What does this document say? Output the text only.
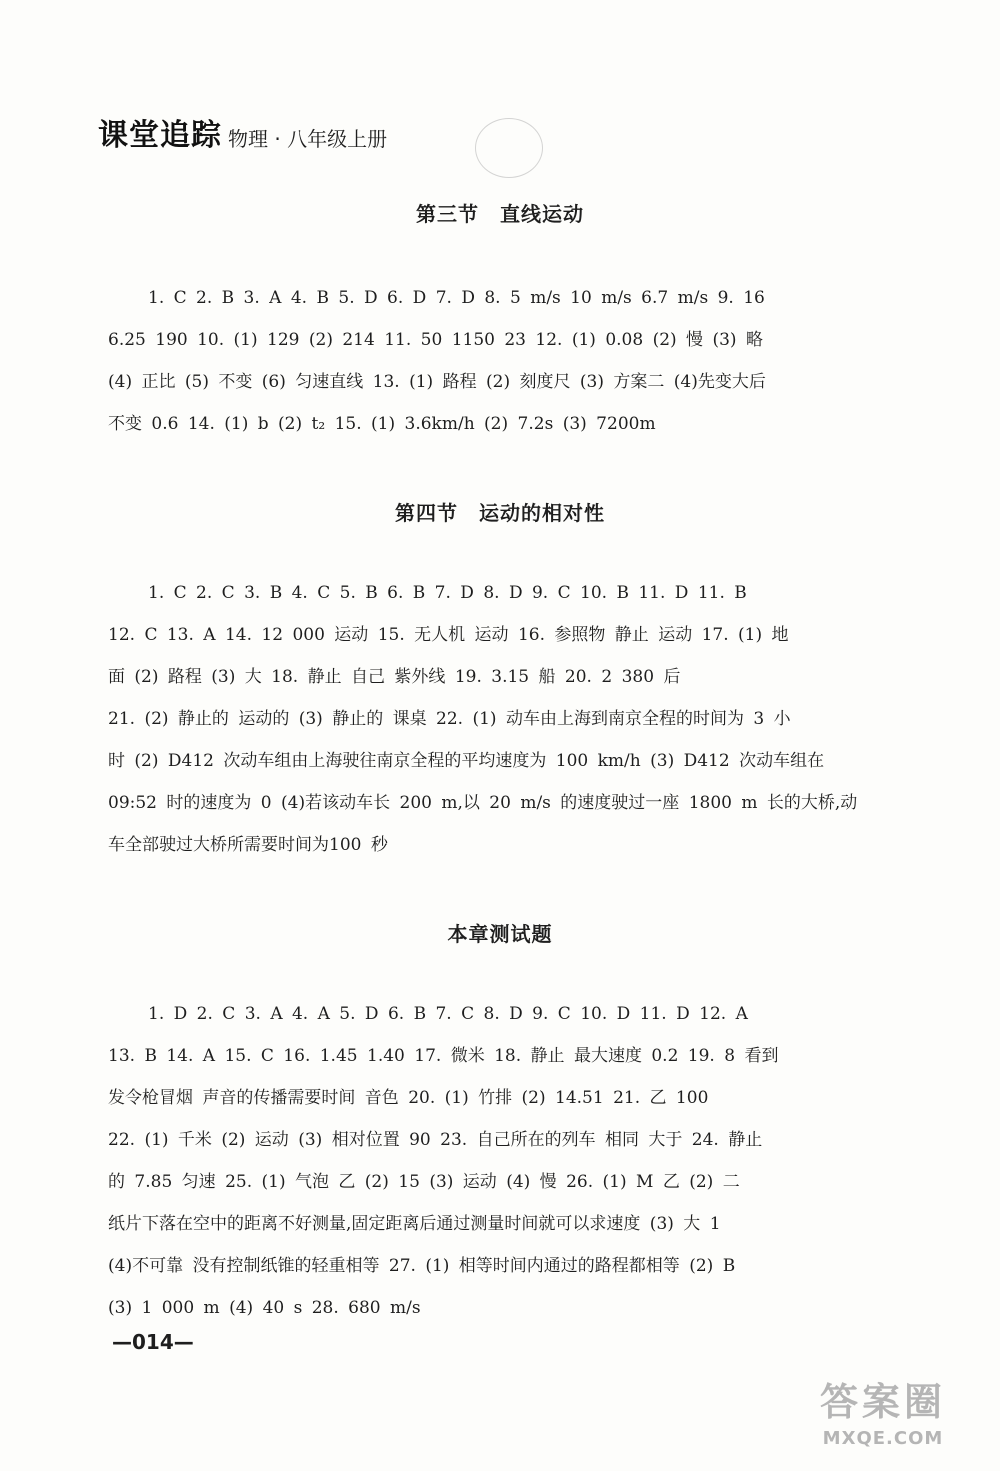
课堂追踪 物理 · 八年级上册
第三节　直线运动
1. C 2. B 3. A 4. B 5. D 6. D 7. D 8. 5 m/s 10 m/s 6.7 m/s 9. 16
6.25 190 10. (1) 129 (2) 214 11. 50 1150 23 12. (1) 0.08 (2) 慢 (3) 略
(4) 正比 (5) 不变 (6) 匀速直线 13. (1) 路程 (2) 刻度尺 (3) 方案二 (4)先变大后
不变 0.6 14. (1) b (2) t₂ 15. (1) 3.6km/h (2) 7.2s (3) 7200m
第四节　运动的相对性
1. C 2. C 3. B 4. C 5. B 6. B 7. D 8. D 9. C 10. B 11. D 11. B
12. C 13. A 14. 12 000 运动 15. 无人机 运动 16. 参照物 静止 运动 17. (1) 地
面 (2) 路程 (3) 大 18. 静止 自己 紫外线 19. 3.15 船 20. 2 380 后
21. (2) 静止的 运动的 (3) 静止的 课桌 22. (1) 动车由上海到南京全程的时间为 3 小
时 (2) D412 次动车组由上海驶往南京全程的平均速度为 100 km/h (3) D412 次动车组在
09:52 时的速度为 0 (4)若该动车长 200 m,以 20 m/s 的速度驶过一座 1800 m 长的大桥,动
车全部驶过大桥所需要时间为100 秒
本章测试题
1. D 2. C 3. A 4. A 5. D 6. B 7. C 8. D 9. C 10. D 11. D 12. A
13. B 14. A 15. C 16. 1.45 1.40 17. 微米 18. 静止 最大速度 0.2 19. 8 看到
发令枪冒烟 声音的传播需要时间 音色 20. (1) 竹排 (2) 14.51 21. 乙 100
22. (1) 千米 (2) 运动 (3) 相对位置 90 23. 自己所在的列车 相同 大于 24. 静止
的 7.85 匀速 25. (1) 气泡 乙 (2) 15 (3) 运动 (4) 慢 26. (1) M 乙 (2) 二
纸片下落在空中的距离不好测量,固定距离后通过测量时间就可以求速度 (3) 大 1
(4)不可靠 没有控制纸锥的轻重相等 27. (1) 相等时间内通过的路程都相等 (2) B
(3) 1 000 m (4) 40 s 28. 680 m/s
—014—
答案圈
MXQE.COM
